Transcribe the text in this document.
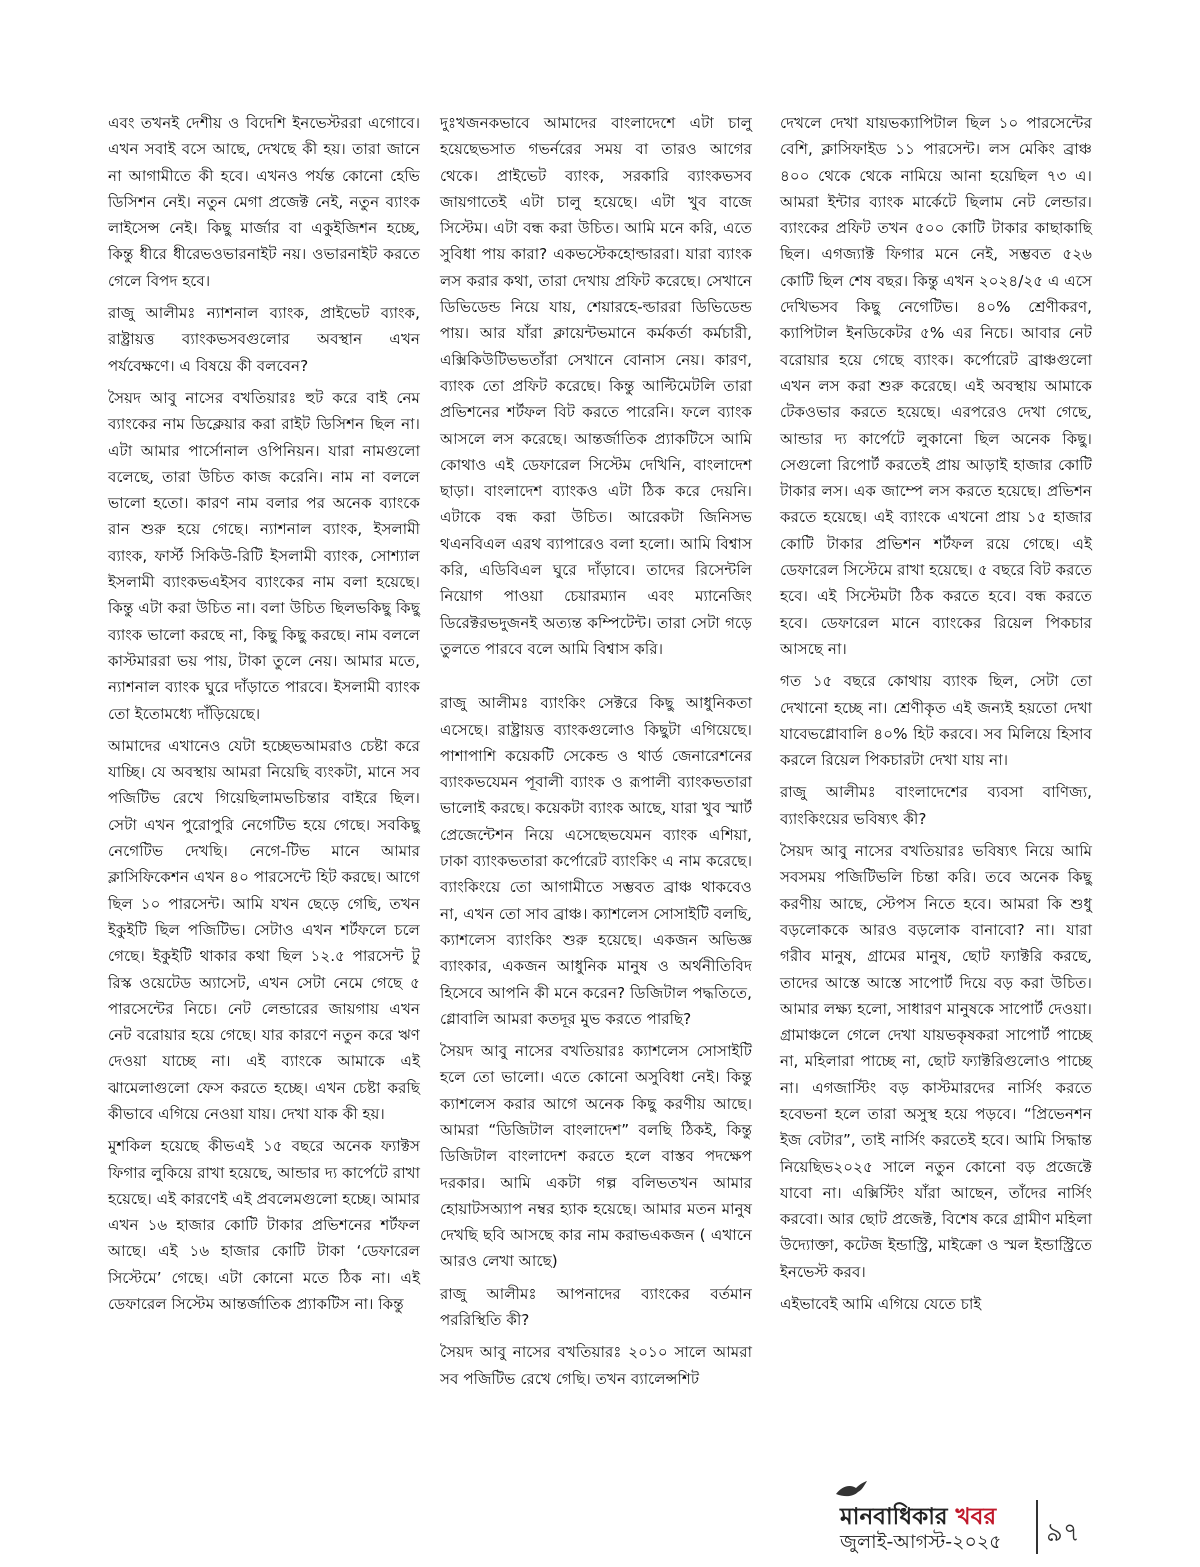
এবং তখনই দেশীয় ও বিদেশি ইনভেস্টররা এগোবে। এখন সবাই বসে আছে, দেখছে কী হয়। তারা জানে না আগামীতে কী হবে। এখনও পর্যন্ত কোনো হেভি ডিসিশন নেই। নতুন মেগা প্রজেক্ট নেই, নতুন ব্যাংক লাইসেন্স নেই। কিছু মার্জার বা একুইজিশন হচ্ছে, কিন্তু ধীরে ধীরেভওভারনাইট নয়। ওভারনাইট করতে গেলে বিপদ হবে।

রাজু আলীমঃ ন্যাশনাল ব্যাংক, প্রাইভেট ব্যাংক, রাষ্ট্রায়ত্ত ব্যাংকভসবগুলোর অবস্থান এখন পর্যবেক্ষণে। এ বিষয়ে কী বলবেন?

সৈয়দ আবু নাসের বখতিয়ারঃ হুট করে বাই নেম ব্যাংকের নাম ডিক্লেয়ার করা রাইট ডিসিশন ছিল না। এটা আমার পার্সোনাল ওপিনিয়ন। যারা নামগুলো বলেছে, তারা উচিত কাজ করেনি। নাম না বললে ভালো হতো। কারণ নাম বলার পর অনেক ব্যাংকে রান শুরু হয়ে গেছে। ন্যাশনাল ব্যাংক, ইসলামী ব্যাংক, ফার্স্ট সিকিউ-রিটি ইসলামী ব্যাংক, সোশ্যাল ইসলামী ব্যাংকভএইসব ব্যাংকের নাম বলা হয়েছে। কিন্তু এটা করা উচিত না। বলা উচিত ছিলভকিছু কিছু ব্যাংক ভালো করছে না, কিছু কিছু করছে। নাম বললে কাস্টমাররা ভয় পায়, টাকা তুলে নেয়। আমার মতে, ন্যাশনাল ব্যাংক ঘুরে দাঁড়াতে পারবে। ইসলামী ব্যাংক তো ইতোমধ্যে দাঁড়িয়েছে।

আমাদের এখানেও যেটা হচ্ছেভআমরাও চেষ্টা করে যাচ্ছি। যে অবস্থায় আমরা নিয়েছি ব্যংকটা, মানে সব পজিটিভ রেখে গিয়েছিলামভচিন্তার বাইরে ছিল। সেটা এখন পুরোপুরি নেগেটিভ হয়ে গেছে। সবকিছু নেগেটিভ দেখছি। নেগে-টিভ মানে আমার ক্লাসিফিকেশন এখন ৪০ পারসেন্টে হিট করছে। আগে ছিল ১০ পারসেন্ট। আমি যখন ছেড়ে গেছি, তখন ইকুইটি ছিল পজিটিভ। সেটাও এখন শর্টফলে চলে গেছে। ইকুইটি থাকার কথা ছিল ১২.৫ পারসেন্ট টু রিস্ক ওয়েটেড অ্যাসেট, এখন সেটা নেমে গেছে ৫ পারসেন্টের নিচে। নেট লেন্ডারের জায়গায় এখন নেট বরোয়ার হয়ে গেছে। যার কারণে নতুন করে ঋণ দেওয়া যাচ্ছে না। এই ব্যাংকে আমাকে এই ঝামেলাগুলো ফেস করতে হচ্ছে। এখন চেষ্টা করছি কীভাবে এগিয়ে নেওয়া যায়। দেখা যাক কী হয়।

মুশকিল হয়েছে কীভএই ১৫ বছরে অনেক ফ্যাক্টস ফিগার লুকিয়ে রাখা হয়েছে, আন্ডার দ্য কার্পেটে রাখা হয়েছে। এই কারণেই এই প্রবলেমগুলো হচ্ছে। আমার এখন ১৬ হাজার কোটি টাকার প্রভিশনের শর্টফল আছে। এই ১৬ হাজার কোটি টাকা ‘ডেফারেল সিস্টেমে’ গেছে। এটা কোনো মতে ঠিক না। এই ডেফারেল সিস্টেম আন্তর্জাতিক প্র্যাকটিস না। কিন্তু

দুঃখজনকভাবে আমাদের বাংলাদেশে এটা চালু হয়েছেভসাত গভর্নরের সময় বা তারও আগের থেকে। প্রাইভেট ব্যাংক, সরকারি ব্যাংকভসব জায়গাতেই এটা চালু হয়েছে। এটা খুব বাজে সিস্টেম। এটা বন্ধ করা উচিত। আমি মনে করি, এতে সুবিধা পায় কারা? একভস্টেকহোল্ডাররা। যারা ব্যাংক লস করার কথা, তারা দেখায় প্রফিট করেছে। সেখানে ডিভিডেন্ড নিয়ে যায়, শেয়ারহে-ল্ডাররা ডিভিডেন্ড পায়। আর যাঁরা ক্লায়েন্টভমানে কর্মকর্তা কর্মচারী, এক্সিকিউটিভভতাঁরা সেখানে বোনাস নেয়। কারণ, ব্যাংক তো প্রফিট করেছে। কিন্তু আল্টিমেটলি তারা প্রভিশনের শর্টফল বিট করতে পারেনি। ফলে ব্যাংক আসলে লস করেছে। আন্তর্জাতিক প্র্যাকটিসে আমি কোথাও এই ডেফারেল সিস্টেম দেখিনি, বাংলাদেশ ছাড়া। বাংলাদেশ ব্যাংকও এটা ঠিক করে দেয়নি। এটাকে বন্ধ করা উচিত। আরেকটা জিনিসভ থএনবিএল এরথ ব্যাপারেও বলা হলো। আমি বিশ্বাস করি, এডিবিএল ঘুরে দাঁড়াবে। তাদের রিসেন্টলি নিয়োগ পাওয়া চেয়ারম্যান এবং ম্যানেজিং ডিরেক্টরভদুজনই অত্যন্ত কম্পিটেন্ট। তারা সেটা গড়ে তুলতে পারবে বলে আমি বিশ্বাস করি।

রাজু আলীমঃ ব্যাংকিং সেক্টরে কিছু আধুনিকতা এসেছে। রাষ্ট্রায়ত্ত ব্যাংকগুলোও কিছুটা এগিয়েছে। পাশাপাশি কয়েকটি সেকেন্ড ও থার্ড জেনারেশনের ব্যাংকভযেমন পূবালী ব্যাংক ও রূপালী ব্যাংকভতারা ভালোই করছে। কয়েকটা ব্যাংক আছে, যারা খুব স্মার্ট প্রেজেন্টেশন নিয়ে এসেছেভযেমন ব্যাংক এশিয়া, ঢাকা ব্যাংকভতারা কর্পোরেট ব্যাংকিং এ নাম করেছে। ব্যাংকিংয়ে তো আগামীতে সম্ভবত ব্রাঞ্চ থাকবেও না, এখন তো সাব ব্রাঞ্চ। ক্যাশলেস সোসাইটি বলছি, ক্যাশলেস ব্যাংকিং শুরু হয়েছে। একজন অভিজ্ঞ ব্যাংকার, একজন আধুনিক মানুষ ও অর্থনীতিবিদ হিসেবে আপনি কী মনে করেন? ডিজিটাল পদ্ধতিতে, গ্লোবালি আমরা কতদূর মুভ করতে পারছি?

সৈয়দ আবু নাসের বখতিয়ারঃ ক্যাশলেস সোসাইটি হলে তো ভালো। এতে কোনো অসুবিধা নেই। কিন্তু ক্যাশলেস করার আগে অনেক কিছু করণীয় আছে। আমরা “ডিজিটাল বাংলাদেশ” বলছি ঠিকই, কিন্তু ডিজিটাল বাংলাদেশ করতে হলে বাস্তব পদক্ষেপ দরকার। আমি একটা গল্প বলিভতখন আমার হোয়াটসঅ্যাপ নম্বর হ্যাক হয়েছে। আমার মতন মানুষ দেখছি ছবি আসছে কার নাম করাভএকজন ( এখানে আরও লেখা আছে)

রাজু আলীমঃ আপনাদের ব্যাংকের বর্তমান পররিস্থিতি কী?

সৈয়দ আবু নাসের বখতিয়ারঃ ২০১০ সালে আমরা সব পজিটিভ রেখে গেছি। তখন ব্যালেন্সশিট

দেখলে দেখা যায়ভক্যাপিটাল ছিল ১০ পারসেন্টের বেশি, ক্লাসিফাইড ১১ পারসেন্ট। লস মেকিং ব্রাঞ্চ ৪০০ থেকে থেকে নামিয়ে আনা হয়েছিল ৭৩ এ। আমরা ইন্টার ব্যাংক মার্কেটে ছিলাম নেট লেন্ডার। ব্যাংকের প্রফিট তখন ৫০০ কোটি টাকার কাছাকাছি ছিল। এগজ্যাক্ট ফিগার মনে নেই, সম্ভবত ৫২৬ কোটি ছিল শেষ বছর। কিন্তু এখন ২০২৪/২৫ এ এসে দেখিভসব কিছু নেগেটিভ। ৪০% শ্রেণীকরণ, ক্যাপিটাল ইনডিকেটর ৫% এর নিচে। আবার নেট বরোয়ার হয়ে গেছে ব্যাংক। কর্পোরেট ব্রাঞ্চগুলো এখন লস করা শুরু করেছে। এই অবস্থায় আমাকে টেকওভার করতে হয়েছে। এরপরেও দেখা গেছে, আন্ডার দ্য কার্পেটে লুকানো ছিল অনেক কিছু। সেগুলো রিপোর্ট করতেই প্রায় আড়াই হাজার কোটি টাকার লস। এক জাম্পে লস করতে হয়েছে। প্রভিশন করতে হয়েছে। এই ব্যাংকে এখনো প্রায় ১৫ হাজার কোটি টাকার প্রভিশন শর্টফল রয়ে গেছে। এই ডেফারেল সিস্টেমে রাখা হয়েছে। ৫ বছরে বিট করতে হবে। এই সিস্টেমটা ঠিক করতে হবে। বন্ধ করতে হবে। ডেফারেল মানে ব্যাংকের রিয়েল পিকচার আসছে না।

গত ১৫ বছরে কোথায় ব্যাংক ছিল, সেটা তো দেখানো হচ্ছে না। শ্রেণীকৃত এই জন্যই হয়তো দেখা যাবেভগ্লোবালি ৪০% হিট করবে। সব মিলিয়ে হিসাব করলে রিয়েল পিকচারটা দেখা যায় না।

রাজু আলীমঃ বাংলাদেশের ব্যবসা বাণিজ্য, ব্যাংকিংয়ের ভবিষ্যৎ কী?

সৈয়দ আবু নাসের বখতিয়ারঃ ভবিষ্যৎ নিয়ে আমি সবসময় পজিটিভলি চিন্তা করি। তবে অনেক কিছু করণীয় আছে, স্টেপস নিতে হবে। আমরা কি শুধু বড়লোককে আরও বড়লোক বানাবো? না। যারা গরীব মানুষ, গ্রামের মানুষ, ছোট ফ্যাক্টরি করছে, তাদের আস্তে আস্তে সাপোর্ট দিয়ে বড় করা উচিত। আমার লক্ষ্য হলো, সাধারণ মানুষকে সাপোর্ট দেওয়া। গ্রামাঞ্চলে গেলে দেখা যায়ভকৃষকরা সাপোর্ট পাচ্ছে না, মহিলারা পাচ্ছে না, ছোট ফ্যাক্টরিগুলোও পাচ্ছে না। এগজাস্টিং বড় কাস্টমারদের নার্সিং করতে হবেভনা হলে তারা অসুস্থ হয়ে পড়বে। “প্রিভেনশন ইজ বেটার”, তাই নার্সিং করতেই হবে। আমি সিদ্ধান্ত নিয়েছিভ২০২৫ সালে নতুন কোনো বড় প্রজেক্টে যাবো না। এক্সিস্টিং যাঁরা আছেন, তাঁদের নার্সিং করবো। আর ছোট প্রজেক্ট, বিশেষ করে গ্রামীণ মহিলা উদ্যোক্তা, কটেজ ইন্ডাস্ট্রি, মাইক্রো ও স্মল ইন্ডাস্ট্রিতে ইনভেস্ট করব।

এইভাবেই আমি এগিয়ে যেতে চাই

মানবাধিকার খবর
জুলাই-আগস্ট-২০২৫ ৯৭
